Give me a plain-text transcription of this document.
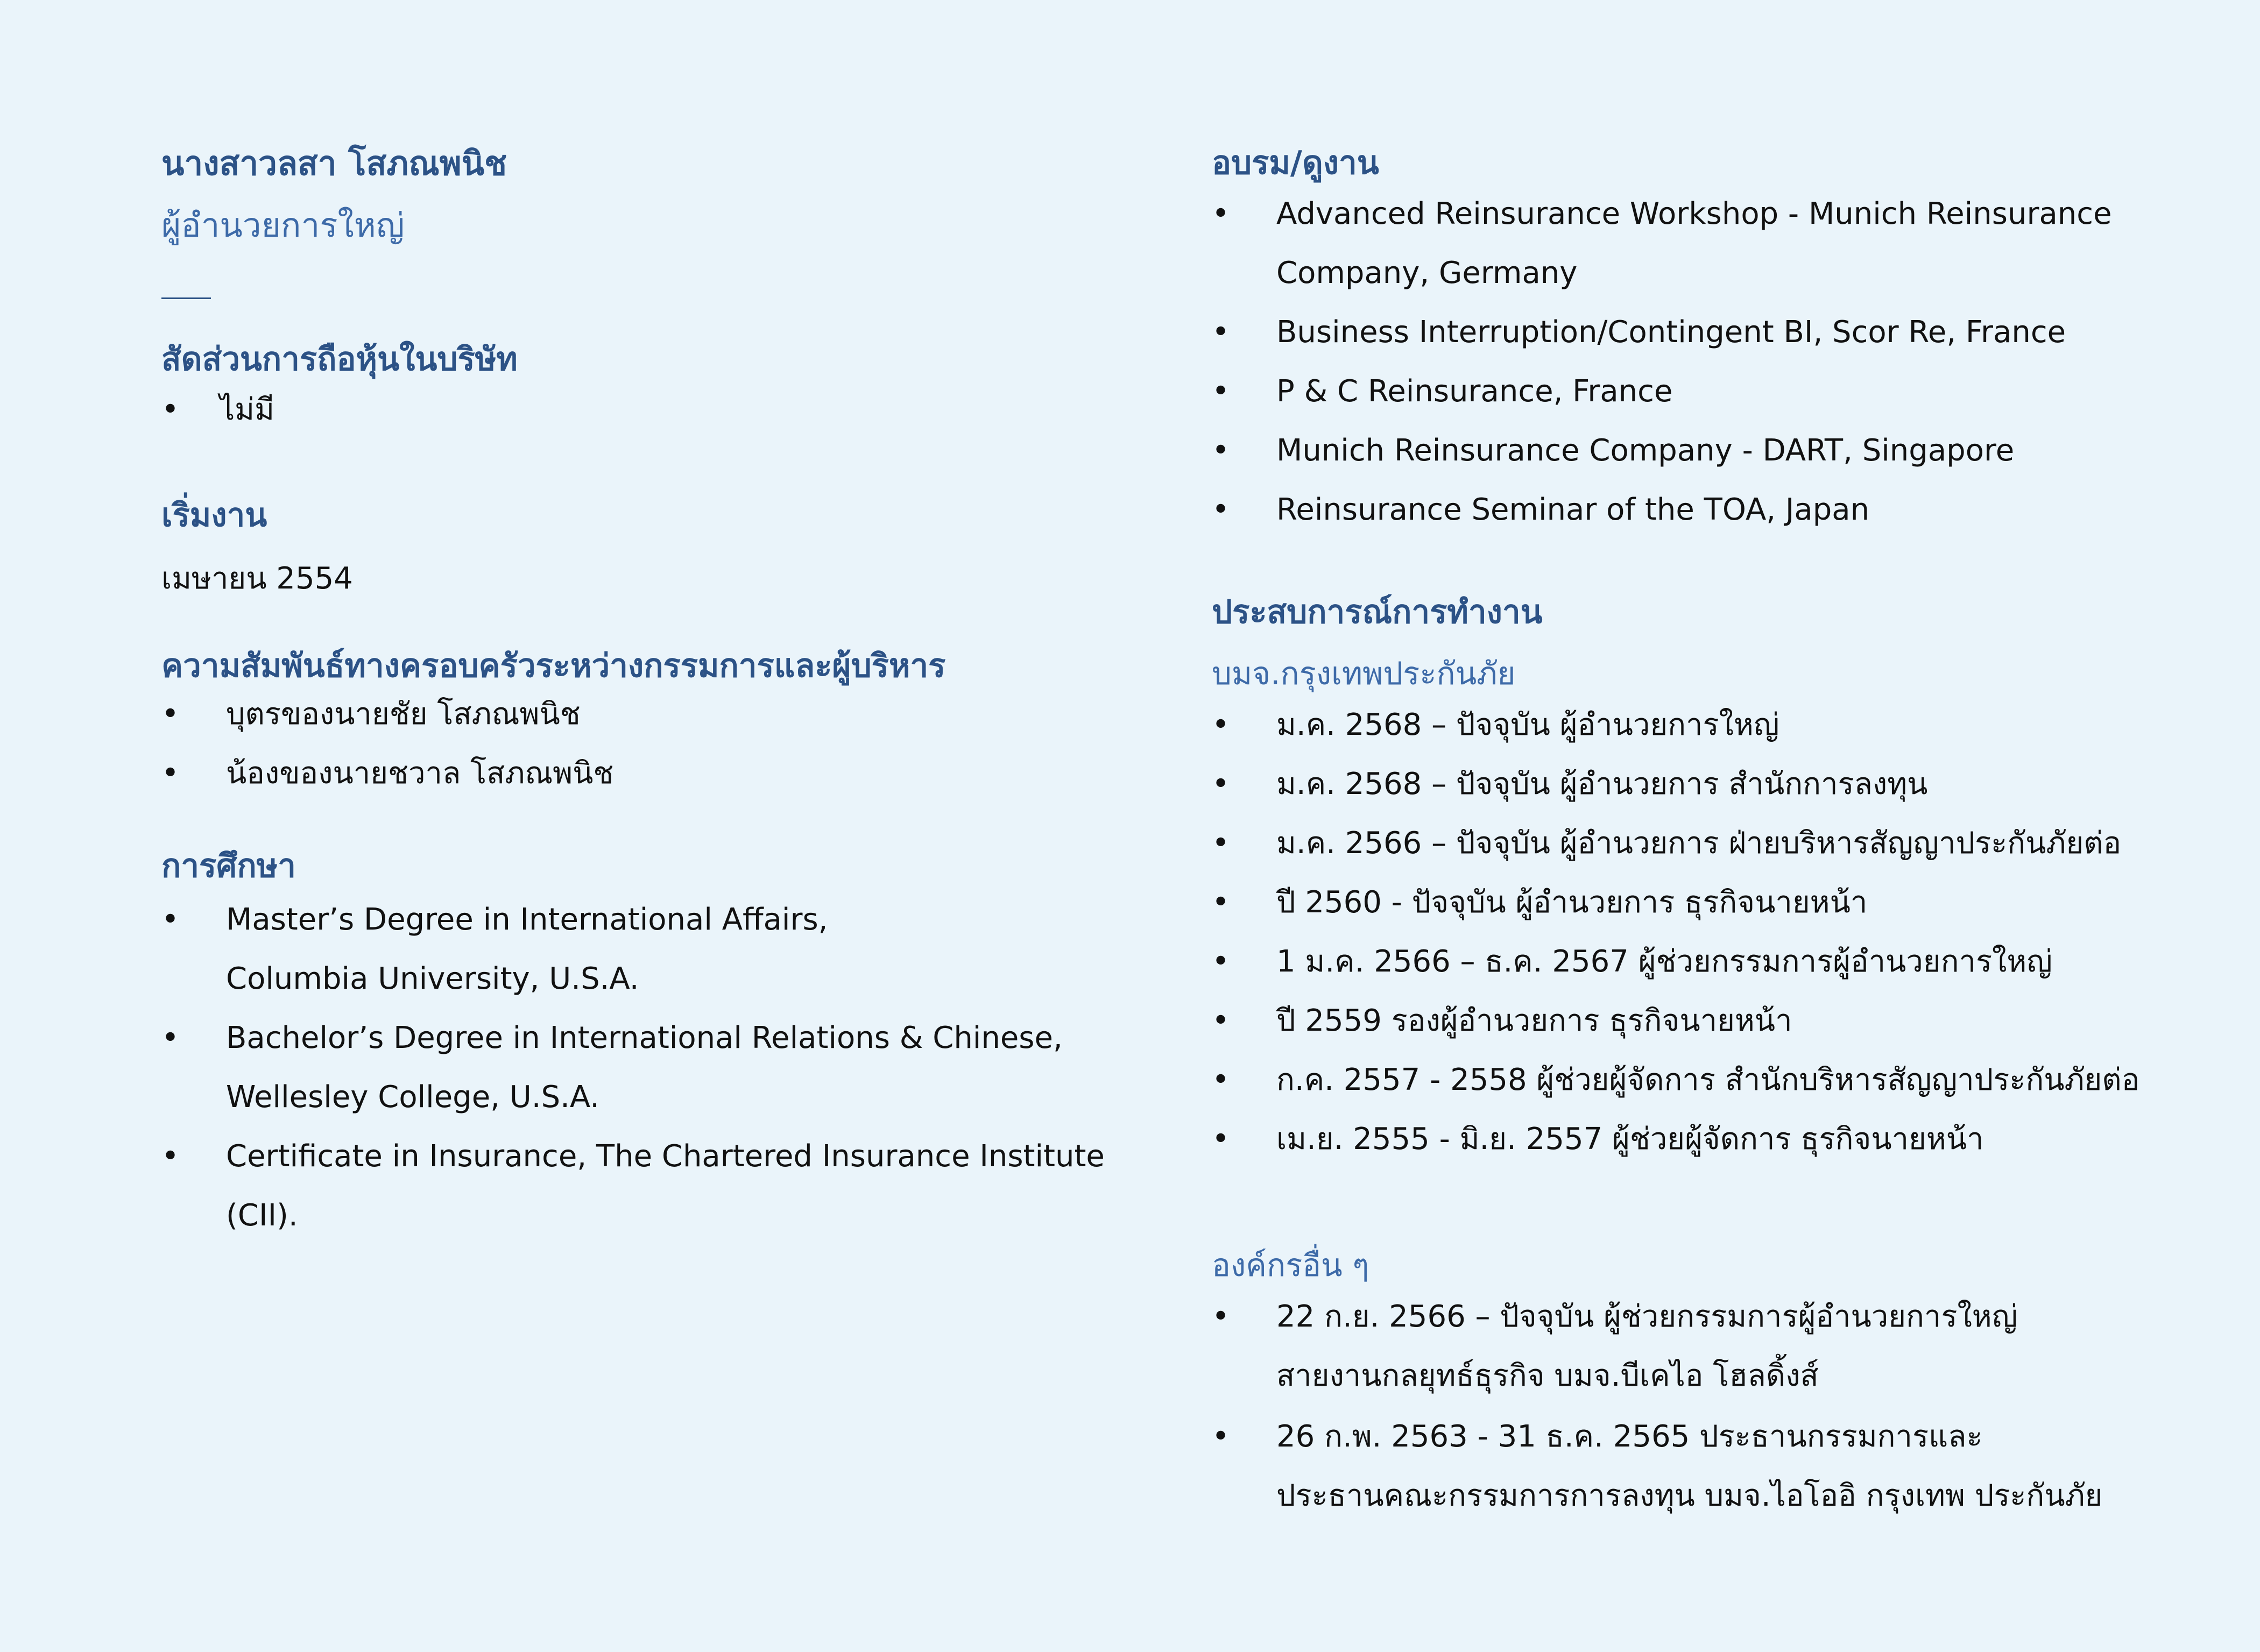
นางสาวลสา โสภณพนิช
ผู้อำนวยการใหญ่
สัดส่วนการถือหุ้นในบริษัท
• ไม่มี
เริ่มงาน
เมษายน 2554
ความสัมพันธ์ทางครอบครัวระหว่างกรรมการและผู้บริหาร
• บุตรของนายชัย โสภณพนิช
• น้องของนายชวาล โสภณพนิช
การศึกษา
• Master’s Degree in International Affairs,
Columbia University, U.S.A.
• Bachelor’s Degree in International Relations & Chinese,
Wellesley College, U.S.A.
• Certificate in Insurance, The Chartered Insurance Institute
(CII).
อบรม/ดูงาน
• Advanced Reinsurance Workshop - Munich Reinsurance
Company, Germany
• Business Interruption/Contingent BI, Scor Re, France
• P & C Reinsurance, France
• Munich Reinsurance Company - DART, Singapore
• Reinsurance Seminar of the TOA, Japan
ประสบการณ์การทำงาน
บมจ.กรุงเทพประกันภัย
• ม.ค. 2568 – ปัจจุบัน ผู้อำนวยการใหญ่
• ม.ค. 2568 – ปัจจุบัน ผู้อำนวยการ สำนักการลงทุน
• ม.ค. 2566 – ปัจจุบัน ผู้อำนวยการ ฝ่ายบริหารสัญญาประกันภัยต่อ
• ปี 2560 - ปัจจุบัน ผู้อำนวยการ ธุรกิจนายหน้า
• 1 ม.ค. 2566 – ธ.ค. 2567 ผู้ช่วยกรรมการผู้อำนวยการใหญ่
• ปี 2559 รองผู้อำนวยการ ธุรกิจนายหน้า
• ก.ค. 2557 - 2558 ผู้ช่วยผู้จัดการ สำนักบริหารสัญญาประกันภัยต่อ
• เม.ย. 2555 - มิ.ย. 2557 ผู้ช่วยผู้จัดการ ธุรกิจนายหน้า
องค์กรอื่น ๆ
• 22 ก.ย. 2566 – ปัจจุบัน ผู้ช่วยกรรมการผู้อำนวยการใหญ่
สายงานกลยุทธ์ธุรกิจ บมจ.บีเคไอ โฮลดิ้งส์
• 26 ก.พ. 2563 - 31 ธ.ค. 2565 ประธานกรรมการและ
ประธานคณะกรรมการการลงทุน บมจ.ไอโออิ กรุงเทพ ประกันภัย
